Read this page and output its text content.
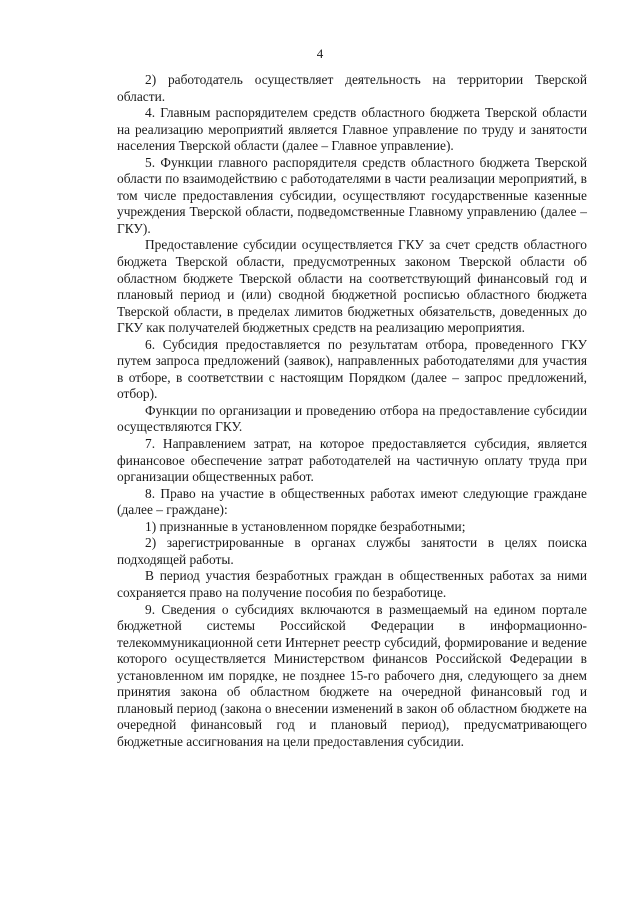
4

2) работодатель осуществляет деятельность на территории Тверской области.

4. Главным распорядителем средств областного бюджета Тверской области на реализацию мероприятий является Главное управление по труду и занятости населения Тверской области (далее – Главное управление).

5. Функции главного распорядителя средств областного бюджета Тверской области по взаимодействию с работодателями в части реализации мероприятий, в том числе предоставления субсидии, осуществляют государственные казенные учреждения Тверской области, подведомственные Главному управлению (далее – ГКУ).

Предоставление субсидии осуществляется ГКУ за счет средств областного бюджета Тверской области, предусмотренных законом Тверской области об областном бюджете Тверской области на соответствующий финансовый год и плановый период и (или) сводной бюджетной росписью областного бюджета Тверской области, в пределах лимитов бюджетных обязательств, доведенных до ГКУ как получателей бюджетных средств на реализацию мероприятия.

6. Субсидия предоставляется по результатам отбора, проведенного ГКУ путем запроса предложений (заявок), направленных работодателями для участия в отборе, в соответствии с настоящим Порядком (далее – запрос предложений, отбор).

Функции по организации и проведению отбора на предоставление субсидии осуществляются ГКУ.

7. Направлением затрат, на которое предоставляется субсидия, является финансовое обеспечение затрат работодателей на частичную оплату труда при организации общественных работ.

8. Право на участие в общественных работах имеют следующие граждане (далее – граждане):

1) признанные в установленном порядке безработными;

2) зарегистрированные в органах службы занятости в целях поиска подходящей работы.

В период участия безработных граждан в общественных работах за ними сохраняется право на получение пособия по безработице.

9. Сведения о субсидиях включаются в размещаемый на едином портале бюджетной системы Российской Федерации в информационно-телекоммуникационной сети Интернет реестр субсидий, формирование и ведение которого осуществляется Министерством финансов Российской Федерации в установленном им порядке, не позднее 15-го рабочего дня, следующего за днем принятия закона об областном бюджете на очередной финансовый год и плановый период (закона о внесении изменений в закон об областном бюджете на очередной финансовый год и плановый период), предусматривающего бюджетные ассигнования на цели предоставления субсидии.
